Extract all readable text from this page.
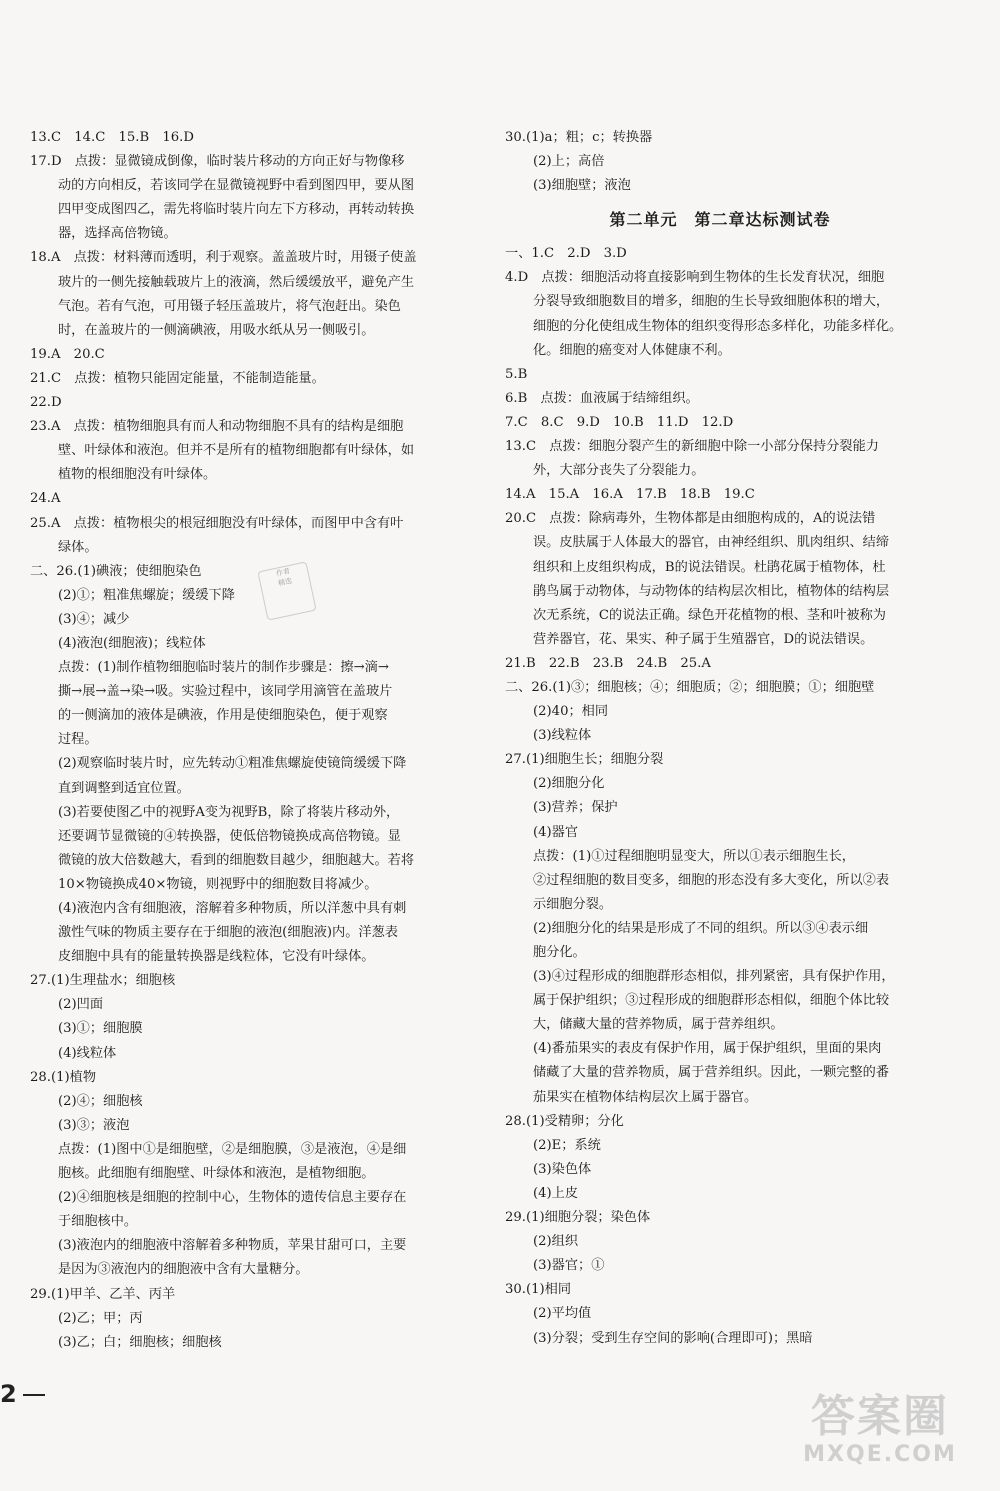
13.C　14.C　15.B　16.D
17.D　点拨：显微镜成倒像，临时装片移动的方向正好与物像移
动的方向相反，若该同学在显微镜视野中看到图四甲，要从图
四甲变成图四乙，需先将临时装片向左下方移动，再转动转换
器，选择高倍物镜。
18.A　点拨：材料薄而透明，利于观察。盖盖玻片时，用镊子使盖
玻片的一侧先接触载玻片上的液滴，然后缓缓放平，避免产生
气泡。若有气泡，可用镊子轻压盖玻片，将气泡赶出。染色
时，在盖玻片的一侧滴碘液，用吸水纸从另一侧吸引。
19.A　20.C
21.C　点拨：植物只能固定能量，不能制造能量。
22.D
23.A　点拨：植物细胞具有而人和动物细胞不具有的结构是细胞
壁、叶绿体和液泡。但并不是所有的植物细胞都有叶绿体，如
植物的根细胞没有叶绿体。
24.A
25.A　点拨：植物根尖的根冠细胞没有叶绿体，而图甲中含有叶
绿体。
二、26.(1)碘液；使细胞染色
(2)①；粗准焦螺旋；缓缓下降
(3)④；减少
(4)液泡(细胞液)；线粒体
点拨：(1)制作植物细胞临时装片的制作步骤是：擦→滴→
撕→展→盖→染→吸。实验过程中，该同学用滴管在盖玻片
的一侧滴加的液体是碘液，作用是使细胞染色，便于观察
过程。
(2)观察临时装片时，应先转动①粗准焦螺旋使镜筒缓缓下降
直到调整到适宜位置。
(3)若要使图乙中的视野A变为视野B，除了将装片移动外，
还要调节显微镜的④转换器，使低倍物镜换成高倍物镜。显
微镜的放大倍数越大，看到的细胞数目越少，细胞越大。若将
10×物镜换成40×物镜，则视野中的细胞数目将减少。
(4)液泡内含有细胞液，溶解着多种物质，所以洋葱中具有刺
激性气味的物质主要存在于细胞的液泡(细胞液)内。洋葱表
皮细胞中具有的能量转换器是线粒体，它没有叶绿体。
27.(1)生理盐水；细胞核
(2)凹面
(3)①；细胞膜
(4)线粒体
28.(1)植物
(2)④；细胞核
(3)③；液泡
点拨：(1)图中①是细胞壁，②是细胞膜，③是液泡，④是细
胞核。此细胞有细胞壁、叶绿体和液泡，是植物细胞。
(2)④细胞核是细胞的控制中心，生物体的遗传信息主要存在
于细胞核中。
(3)液泡内的细胞液中溶解着多种物质，苹果甘甜可口，主要
是因为③液泡内的细胞液中含有大量糖分。
29.(1)甲羊、乙羊、丙羊
(2)乙；甲；丙
(3)乙；白；细胞核；细胞核
30.(1)a；粗；c；转换器
(2)上；高倍
(3)细胞壁；液泡
第二单元　第二章达标测试卷
一、1.C　2.D　3.D
4.D　点拨：细胞活动将直接影响到生物体的生长发育状况，细胞
分裂导致细胞数目的增多，细胞的生长导致细胞体积的增大，
细胞的分化使组成生物体的组织变得形态多样化，功能多样化。
化。细胞的癌变对人体健康不利。
5.B
6.B　点拨：血液属于结缔组织。
7.C　8.C　9.D　10.B　11.D　12.D
13.C　点拨：细胞分裂产生的新细胞中除一小部分保持分裂能力
外，大部分丧失了分裂能力。
14.A　15.A　16.A　17.B　18.B　19.C
20.C　点拨：除病毒外，生物体都是由细胞构成的，A的说法错
误。皮肤属于人体最大的器官，由神经组织、肌肉组织、结缔
组织和上皮组织构成，B的说法错误。杜鹃花属于植物体，杜
鹃鸟属于动物体，与动物体的结构层次相比，植物体的结构层
次无系统，C的说法正确。绿色开花植物的根、茎和叶被称为
营养器官，花、果实、种子属于生殖器官，D的说法错误。
21.B　22.B　23.B　24.B　25.A
二、26.(1)③；细胞核；④；细胞质；②；细胞膜；①；细胞壁
(2)40；相同
(3)线粒体
27.(1)细胞生长；细胞分裂
(2)细胞分化
(3)营养；保护
(4)器官
点拨：(1)①过程细胞明显变大，所以①表示细胞生长，
②过程细胞的数目变多，细胞的形态没有多大变化，所以②表
示细胞分裂。
(2)细胞分化的结果是形成了不同的组织。所以③④表示细
胞分化。
(3)④过程形成的细胞群形态相似，排列紧密，具有保护作用，
属于保护组织；③过程形成的细胞群形态相似，细胞个体比较
大，储藏大量的营养物质，属于营养组织。
(4)番茄果实的表皮有保护作用，属于保护组织，里面的果肉
储藏了大量的营养物质，属于营养组织。因此，一颗完整的番
茄果实在植物体结构层次上属于器官。
28.(1)受精卵；分化
(2)E；系统
(3)染色体
(4)上皮
29.(1)细胞分裂；染色体
(2)组织
(3)器官；①
30.(1)相同
(2)平均值
(3)分裂；受到生存空间的影响(合理即可)；黑暗
作者
精选
2	答案圈
MXQE.COM
